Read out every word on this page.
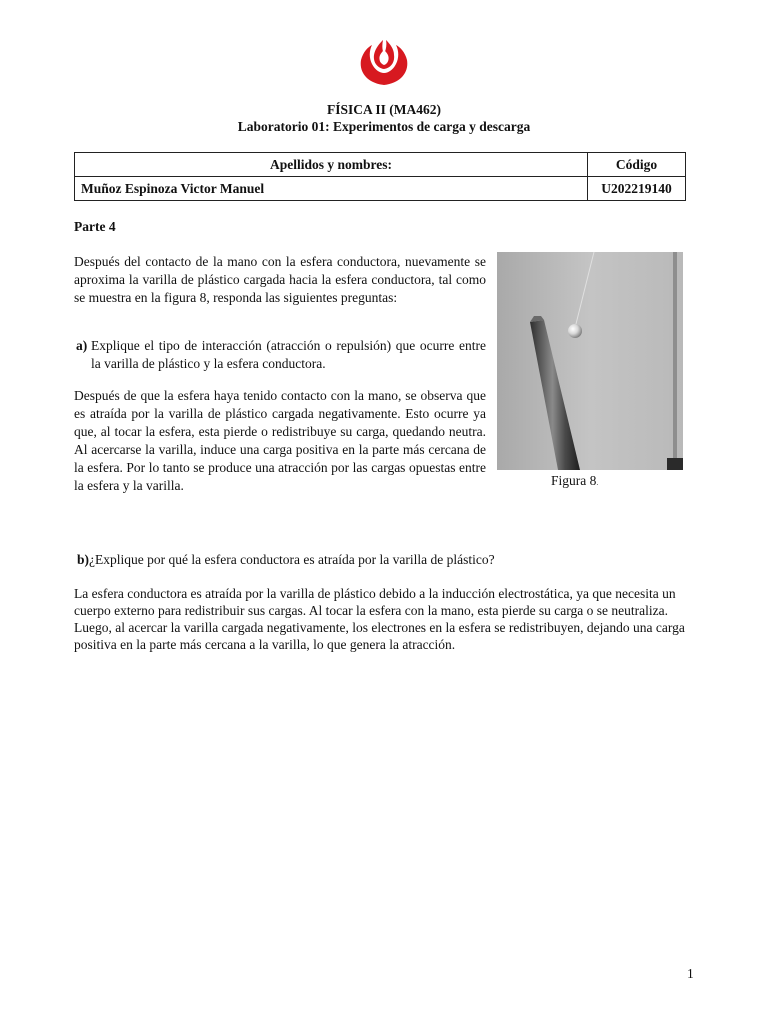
FÍSICA II (MA462)
Laboratorio 01: Experimentos de carga y descarga
Apellidos y nombres:	Código
Muñoz Espinoza Victor Manuel	U202219140
Parte 4

Después del contacto de la mano con la esfera conductora, nuevamente se aproxima la varilla de plástico cargada hacia la esfera conductora, tal como se muestra en la figura 8, responda las siguientes preguntas:

a) Explique el tipo de interacción (atracción o repulsión) que ocurre entre la varilla de plástico y la esfera conductora.

Después de que la esfera haya tenido contacto con la mano, se observa que es atraída por la varilla de plástico cargada negativamente. Esto ocurre ya que, al tocar la esfera, esta pierde o redistribuye su carga, quedando neutra. Al acercarse la varilla, induce una carga positiva en la parte más cercana de la esfera. Por lo tanto se produce una atracción por las cargas opuestas entre la esfera y la varilla.	Figura 8.
b)¿Explique por qué la esfera conductora es atraída por la varilla de plástico?

La esfera conductora es atraída por la varilla de plástico debido a la inducción electrostática, ya que necesita un cuerpo externo para redistribuir sus cargas. Al tocar la esfera con la mano, esta pierde su carga o se neutraliza. Luego, al acercar la varilla cargada negativamente, los electrones en la esfera se redistribuyen, dejando una carga positiva en la parte más cercana a la varilla, lo que genera la atracción.

1
